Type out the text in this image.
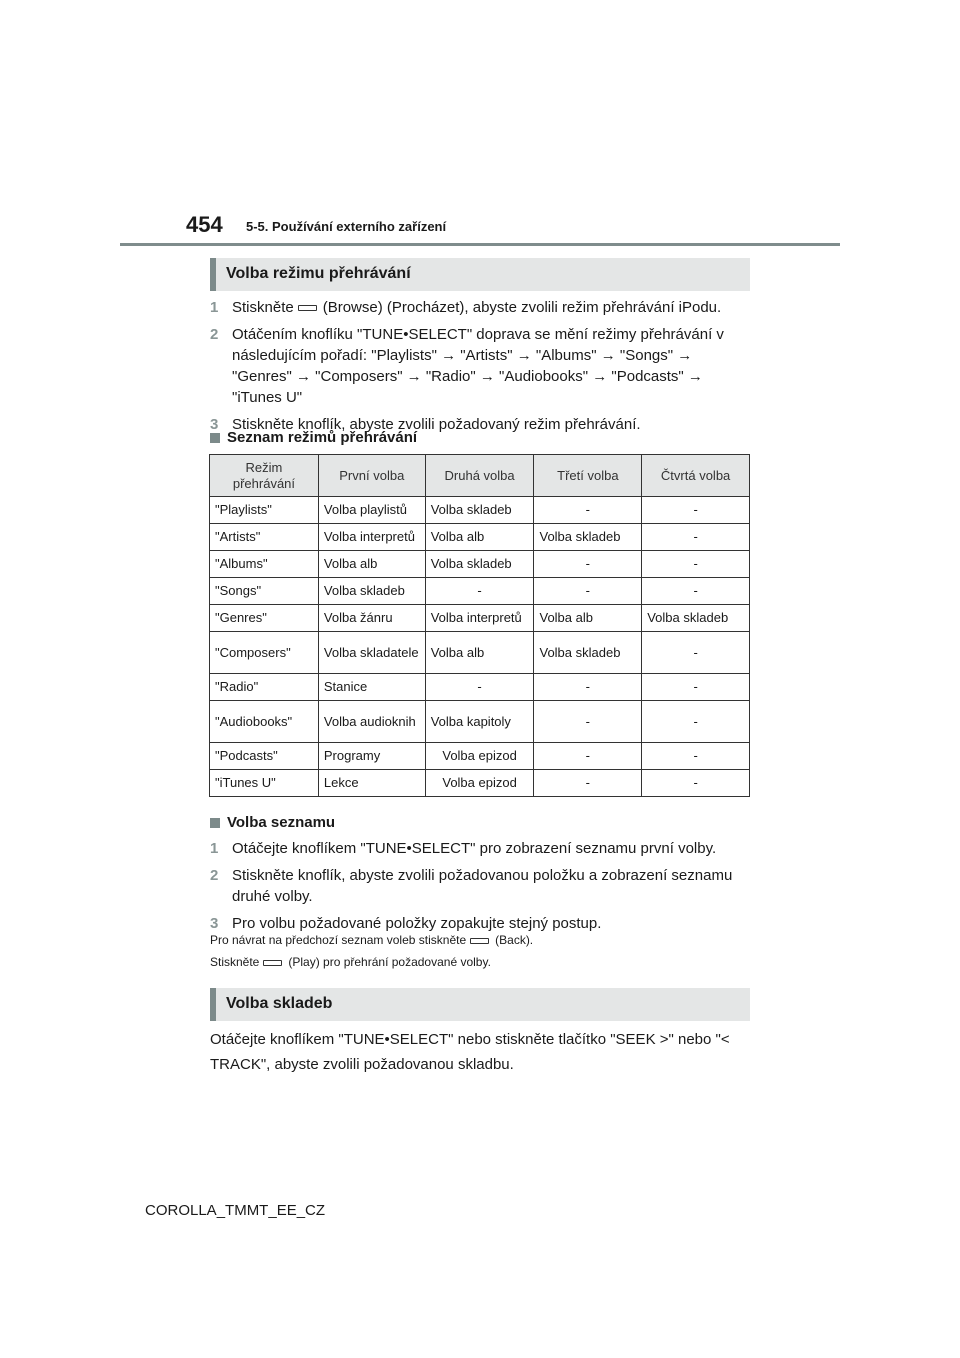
454 5-5. Používání externího zařízení
Volba režimu přehrávání
1 Stiskněte (Browse) (Procházet), abyste zvolili režim přehrávání iPodu.
2 Otáčením knoflíku "TUNE•SELECT" doprava se mění režimy přehrávání v následujícím pořadí: "Playlists" → "Artists" → "Albums" → "Songs" → "Genres" → "Composers" → "Radio" → "Audiobooks" → "Podcasts" → "iTunes U"
3 Stiskněte knoflík, abyste zvolili požadovaný režim přehrávání.
Seznam režimů přehrávání
Režim přehrávání	První volba	Druhá volba	Třetí volba	Čtvrtá volba
"Playlists"	Volba playlistů	Volba skladeb	-	-
"Artists"	Volba interpretů	Volba alb	Volba skladeb	-
"Albums"	Volba alb	Volba skladeb	-	-
"Songs"	Volba skladeb	-	-	-
"Genres"	Volba žánru	Volba interpretů	Volba alb	Volba skladeb
"Composers"	Volba skladatele	Volba alb	Volba skladeb	-
"Radio"	Stanice	-	-	-
"Audiobooks"	Volba audioknih	Volba kapitoly	-	-
"Podcasts"	Programy	Volba epizod	-	-
"iTunes U"	Lekce	Volba epizod	-	-
Volba seznamu
1 Otáčejte knoflíkem "TUNE•SELECT" pro zobrazení seznamu první volby.
2 Stiskněte knoflík, abyste zvolili požadovanou položku a zobrazení seznamu druhé volby.
3 Pro volbu požadované položky zopakujte stejný postup.
Pro návrat na předchozí seznam voleb stiskněte (Back).
Stiskněte (Play) pro přehrání požadované volby.
Volba skladeb
Otáčejte knoflíkem "TUNE•SELECT" nebo stiskněte tlačítko "SEEK >" nebo "< TRACK", abyste zvolili požadovanou skladbu.
COROLLA_TMMT_EE_CZ
